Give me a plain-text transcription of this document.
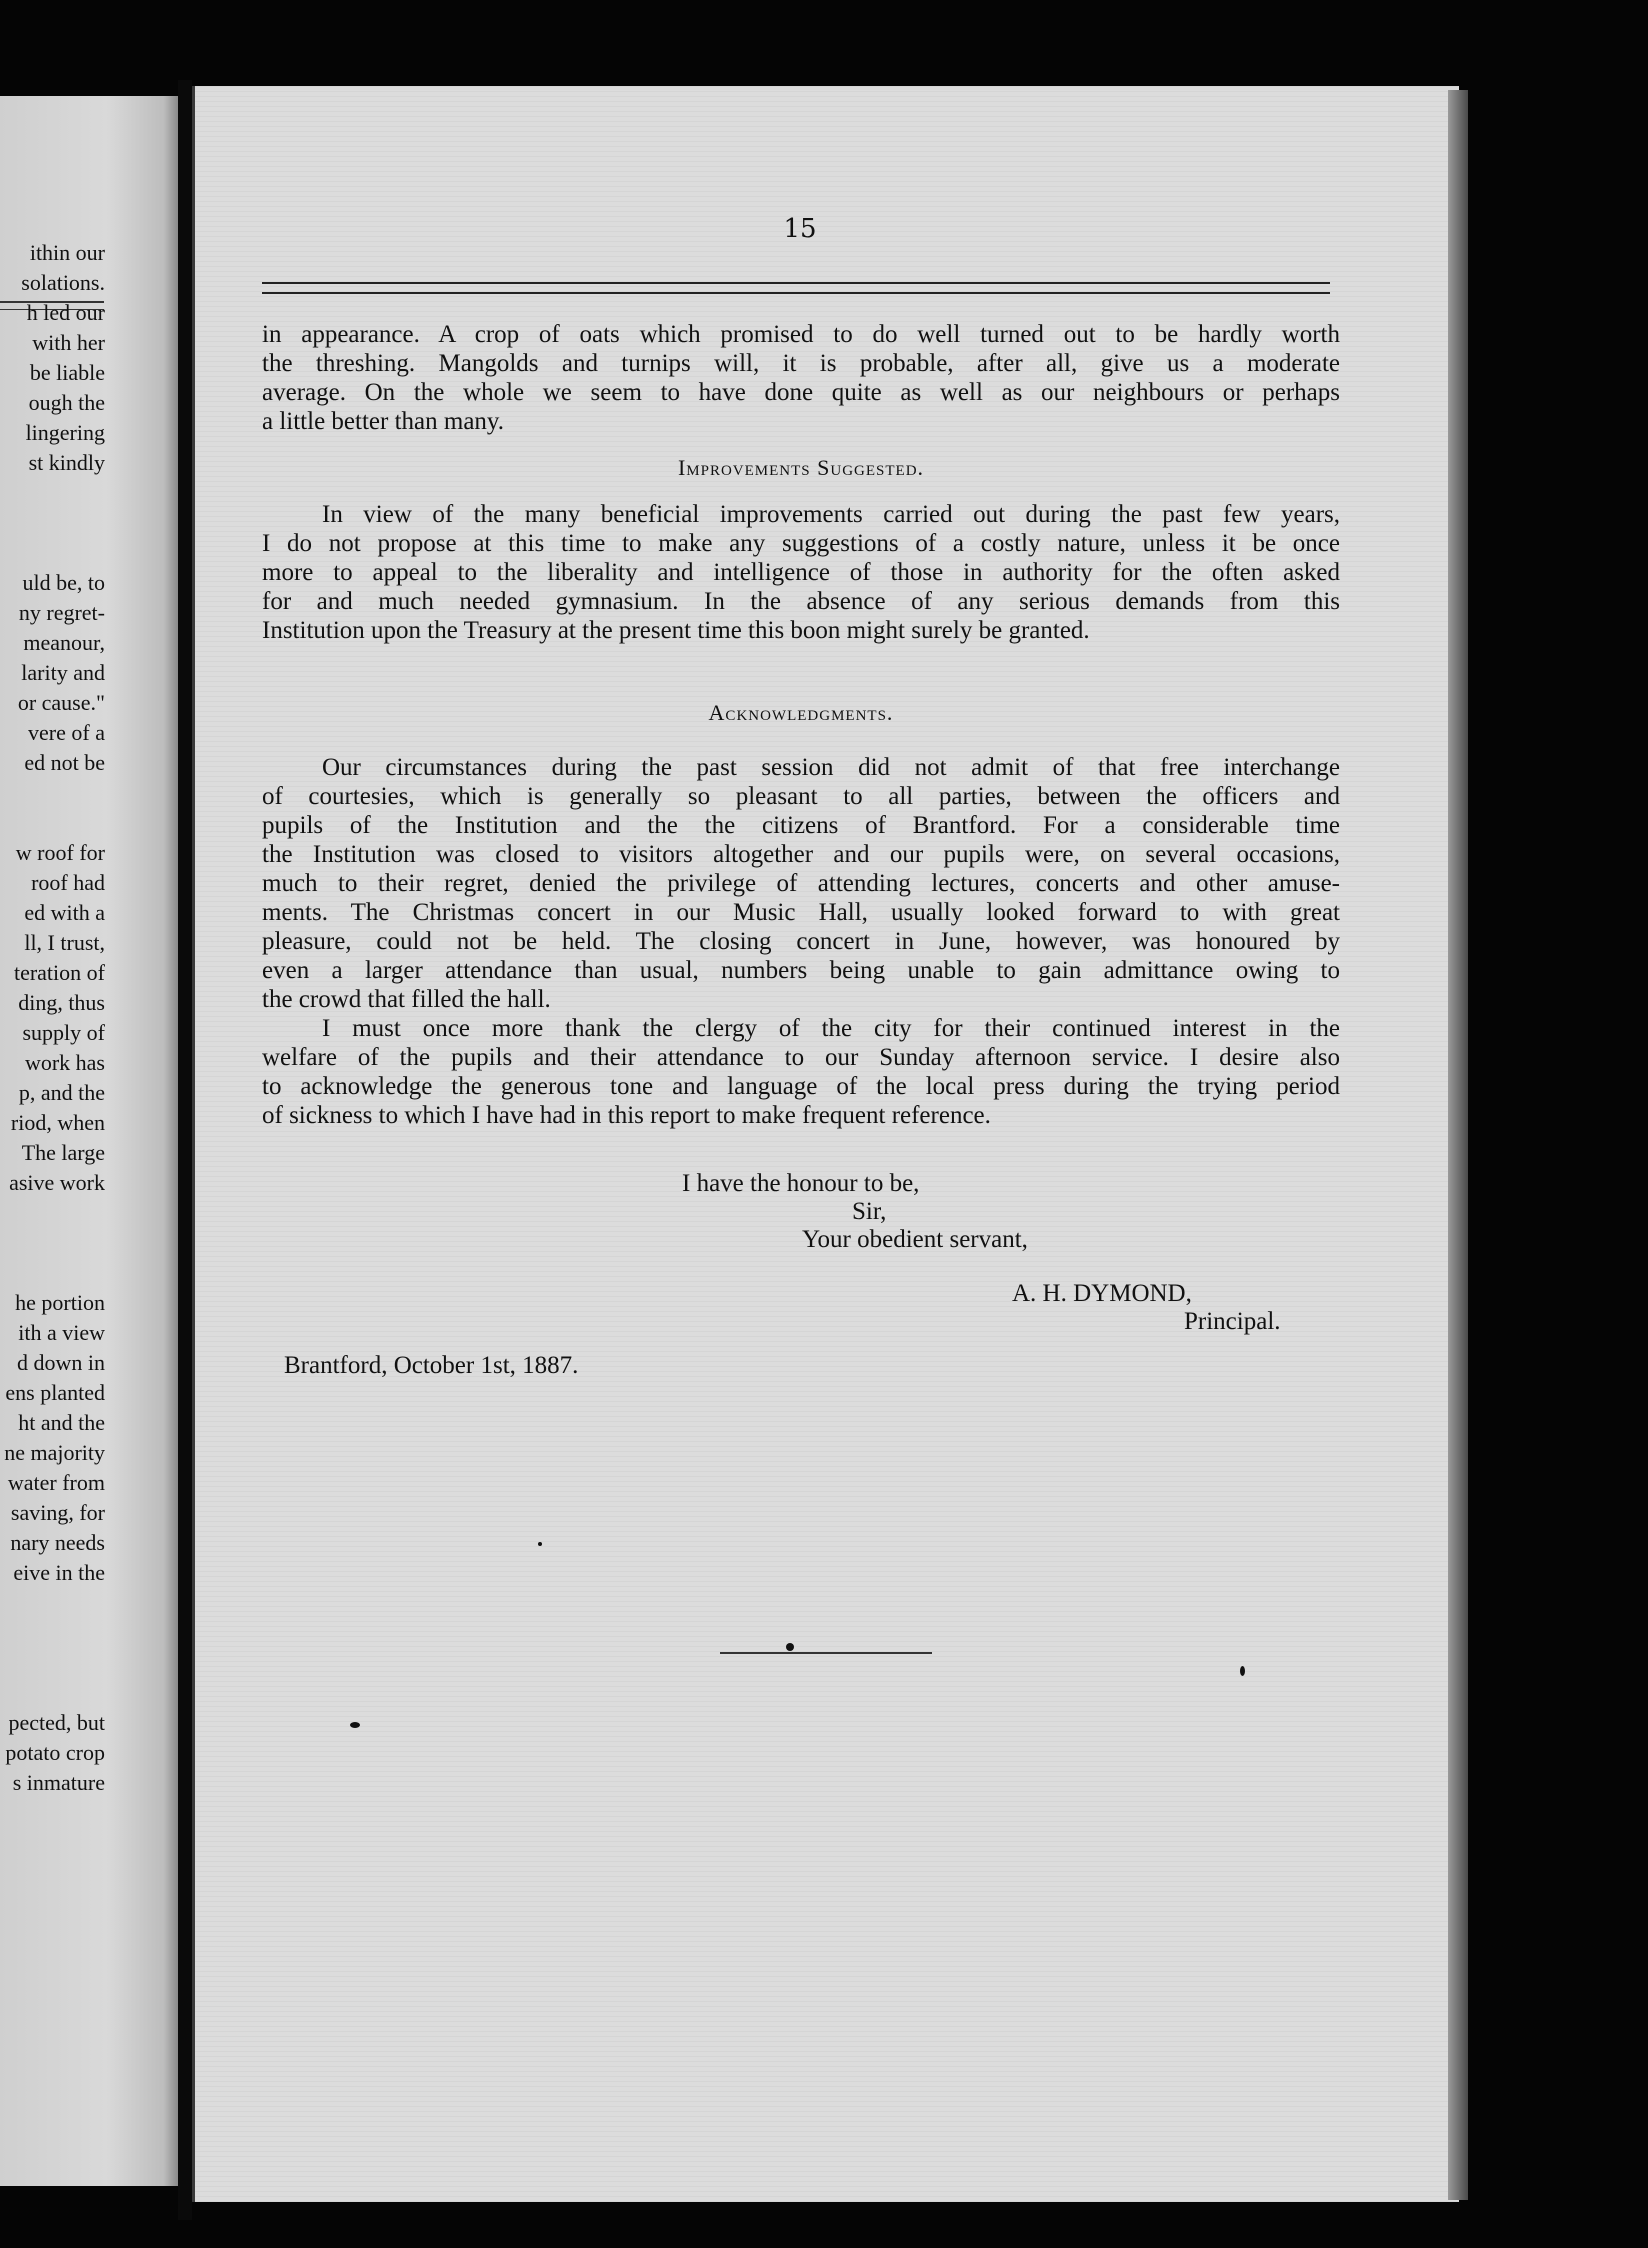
ithin our
solations.
h led our
with her
be liable
ough the
lingering
st kindly
uld be, to
ny regret-
meanour,
larity and
or cause."
vere of a
ed not be
w roof for
roof had
ed with a
ll, I trust,
teration of
ding, thus
supply of
work has
p, and the
riod, when
The large
asive work
he portion
ith a view
d down in
ens planted
ht and the
ne majority
water from
saving, for
nary needs
eive in the
pected, but
potato crop
s inmature
15
in appearance. A crop of oats which promised to do well turned out to be hardly worth
the threshing. Mangolds and turnips will, it is probable, after all, give us a moderate
average. On the whole we seem to have done quite as well as our neighbours or perhaps
a little better than many.
Improvements Suggested.
In view of the many beneficial improvements carried out during the past few years,
I do not propose at this time to make any suggestions of a costly nature, unless it be once
more to appeal to the liberality and intelligence of those in authority for the often asked
for and much needed gymnasium. In the absence of any serious demands from this
Institution upon the Treasury at the present time this boon might surely be granted.
Acknowledgments.
Our circumstances during the past session did not admit of that free interchange
of courtesies, which is generally so pleasant to all parties, between the officers and
pupils of the Institution and the the citizens of Brantford. For a considerable time
the Institution was closed to visitors altogether and our pupils were, on several occasions,
much to their regret, denied the privilege of attending lectures, concerts and other amuse-
ments. The Christmas concert in our Music Hall, usually looked forward to with great
pleasure, could not be held. The closing concert in June, however, was honoured by
even a larger attendance than usual, numbers being unable to gain admittance owing to
the crowd that filled the hall.
I must once more thank the clergy of the city for their continued interest in the
welfare of the pupils and their attendance to our Sunday afternoon service. I desire also
to acknowledge the generous tone and language of the local press during the trying period
of sickness to which I have had in this report to make frequent reference.
I have the honour to be,
Sir,
Your obedient servant,
A. H. DYMOND,
Principal.
Brantford, October 1st, 1887.
